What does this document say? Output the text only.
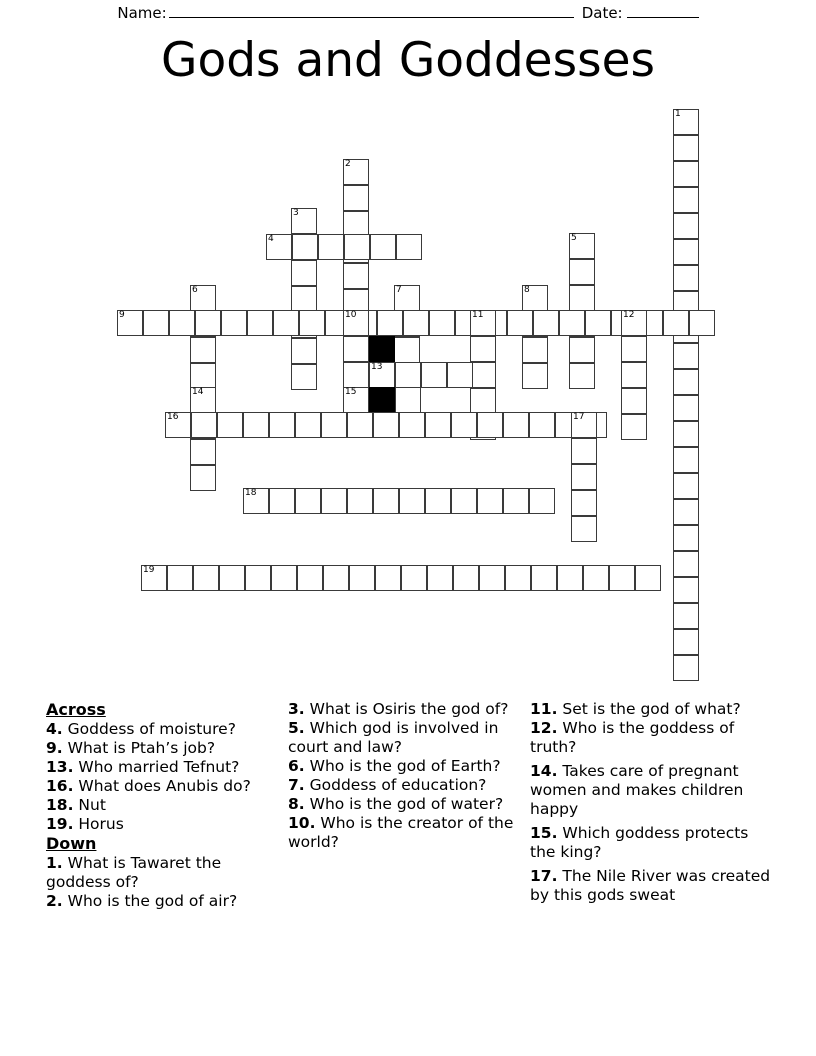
Name:	Date:
Gods and Goddesses
1
2
3
4	5
6	7	8
9	10	11	12
13
14	15
16	17
18
19
Across
4. Goddess of moisture?
9. What is Ptah’s job?
13. Who married Tefnut?
16. What does Anubis do?
18. Nut
19. Horus
Down
1. What is Tawaret the goddess of?
2. Who is the god of air?
3. What is Osiris the god of?
5. Which god is involved in court and law?
6. Who is the god of Earth?
7. Goddess of education?
8. Who is the god of water?
10. Who is the creator of the world?
11. Set is the god of what?
12. Who is the goddess of truth?
14. Takes care of pregnant women and makes children happy
15. Which goddess protects the king?
17. The Nile River was created by this gods sweat
